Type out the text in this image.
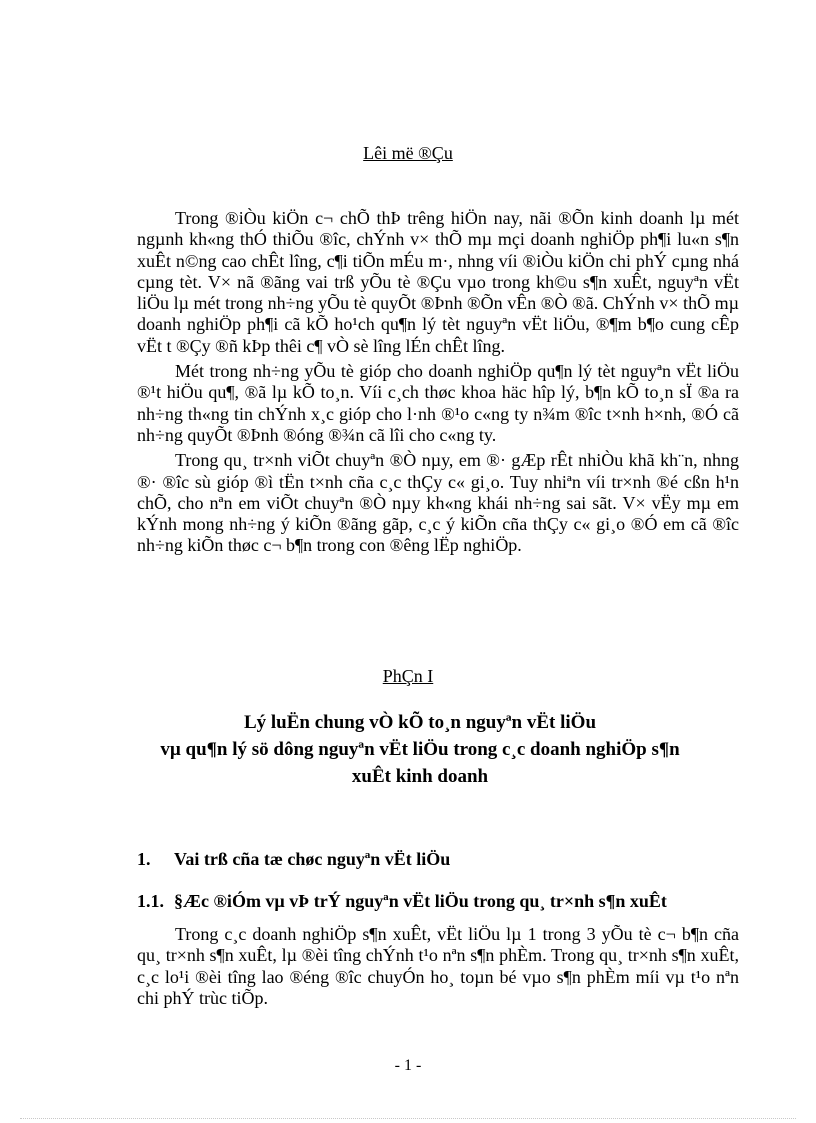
Lêi më ®Çu

Trong ®iÒu kiÖn c¬ chÕ thÞ trêng hiÖn nay, nãi ®Õn kinh doanh lµ mét ngµnh kh«ng thÓ thiÕu ®îc, chÝnh v× thÕ mµ mçi doanh nghiÖp ph¶i lu«n s¶n xuÊt n©ng cao chÊt lîng, c¶i tiÕn mÉu m·, nhng víi ®iÒu kiÖn chi phÝ cµng nhá cµng tèt. V× nã ®ãng vai trß yÕu tè ®Çu vµo trong kh©u s¶n xuÊt, nguyªn vËt liÖu lµ mét trong nh÷ng yÕu tè quyÕt ®Þnh ®Õn vÊn ®Ò ®ã. ChÝnh v× thÕ mµ doanh nghiÖp ph¶i cã kÕ ho¹ch qu¶n lý tèt nguyªn vËt liÖu, ®¶m b¶o cung cÊp vËt t ®Çy ®ñ kÞp thêi c¶ vÒ sè lîng lÉn chÊt lîng.

Mét trong nh÷ng yÕu tè gióp cho doanh nghiÖp qu¶n lý tèt nguyªn vËt liÖu ®¹t hiÖu qu¶, ®ã lµ kÕ to¸n. Víi c¸ch thøc khoa häc hîp lý, b¶n kÕ to¸n sÏ ®a ra nh÷ng th«ng tin chÝnh x¸c gióp cho l·nh ®¹o c«ng ty n¾m ®îc t×nh h×nh, ®Ó cã nh÷ng quyÕt ®Þnh ®óng ®¾n cã lîi cho c«ng ty.

Trong qu¸ tr×nh viÕt chuyªn ®Ò nµy, em ®· gÆp rÊt nhiÒu khã kh¨n, nhng ®· ®îc sù gióp ®ì tËn t×nh cña c¸c thÇy c« gi¸o. Tuy nhiªn víi tr×nh ®é cßn h¹n chÕ, cho nªn em viÕt chuyªn ®Ò nµy kh«ng khái nh÷ng sai sãt. V× vËy mµ em kÝnh mong nh÷ng ý kiÕn ®ãng gãp, c¸c ý kiÕn cña thÇy c« gi¸o ®Ó em cã ®îc nh÷ng kiÕn thøc c¬ b¶n trong con ®êng lËp nghiÖp.

PhÇn I
Lý luËn chung vÒ kÕ to¸n nguyªn vËt liÖu
vµ qu¶n lý sö dông nguyªn vËt liÖu trong c¸c doanh nghiÖp s¶n
xuÊt kinh doanh
1. Vai trß cña tæ chøc nguyªn vËt liÖu
1.1. §Æc ®iÓm vµ vÞ trÝ nguyªn vËt liÖu trong qu¸ tr×nh s¶n xuÊt

Trong c¸c doanh nghiÖp s¶n xuÊt, vËt liÖu lµ 1 trong 3 yÕu tè c¬ b¶n cña qu¸ tr×nh s¶n xuÊt, lµ ®èi tîng chÝnh t¹o nªn s¶n phÈm. Trong qu¸ tr×nh s¶n xuÊt, c¸c lo¹i ®èi tîng lao ®éng ®îc chuyÓn ho¸ toµn bé vµo s¶n phÈm míi vµ t¹o nªn chi phÝ trùc tiÕp.

- 1 -
